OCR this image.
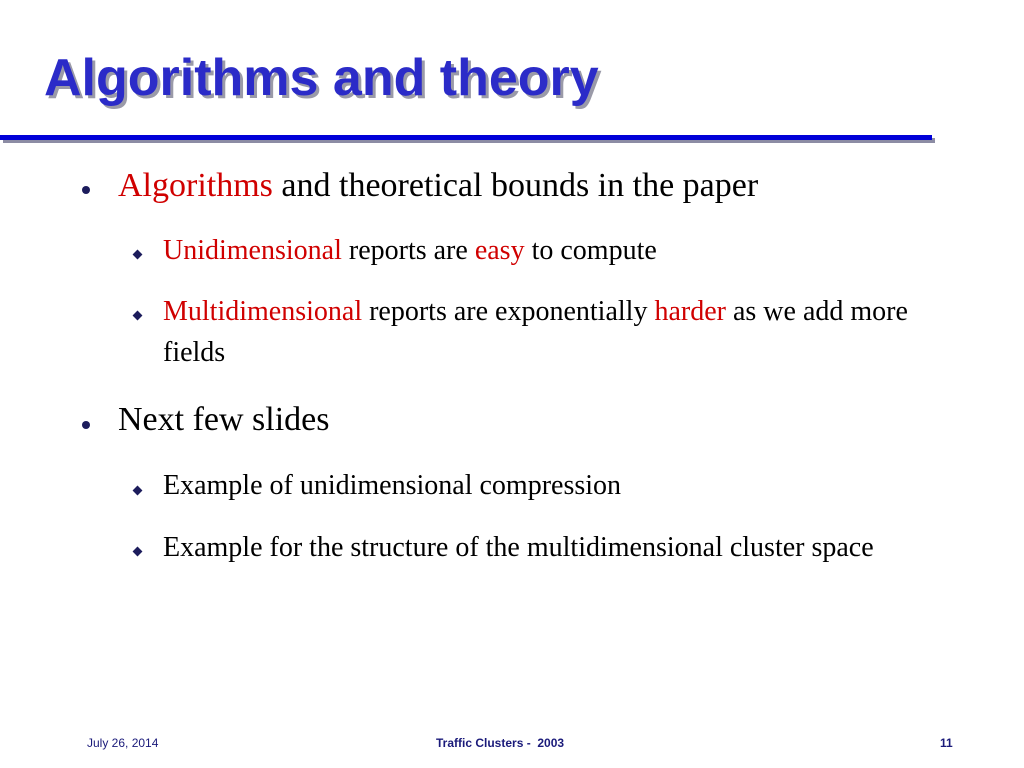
Algorithms and theory
Algorithms and theoretical bounds in the paper
Unidimensional reports are easy to compute
Multidimensional reports are exponentially harder as we add more fields
Next few slides
Example of unidimensional compression
Example for the structure of the multidimensional cluster space
July 26, 2014	Traffic Clusters -  2003	11
